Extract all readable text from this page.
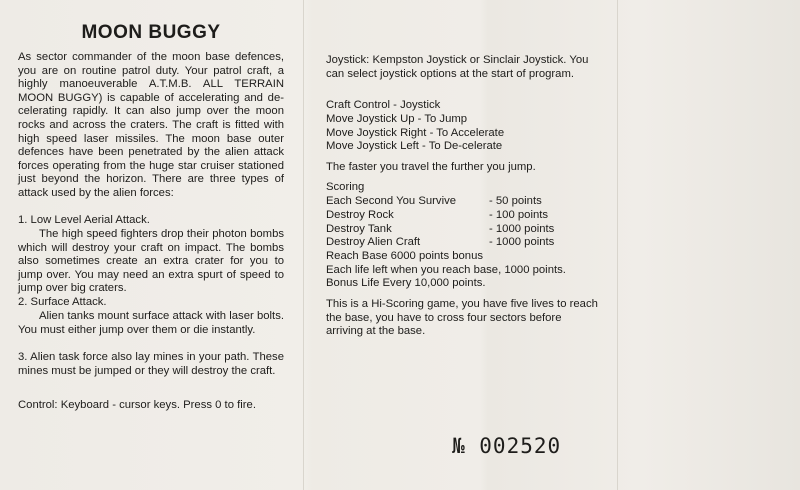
MOON BUGGY

As sector commander of the moon base defences, you are on routine patrol duty. Your patrol craft, a highly manoeuverable A.T.M.B. ALL TERRAIN MOON BUGGY) is capable of accelerating and de-celerating rapidly. It can also jump over the moon rocks and across the craters. The craft is fitted with high speed laser missiles. The moon base outer defences have been penetrated by the alien attack forces operating from the huge star cruiser stationed just beyond the horizon. There are three types of attack used by the alien forces:

1. Low Level Aerial Attack.

The high speed fighters drop their photon bombs which will destroy your craft on impact. The bombs also sometimes create an extra crater for you to jump over. You may need an extra spurt of speed to jump over big craters.

2. Surface Attack.

Alien tanks mount surface attack with laser bolts. You must either jump over them or die instantly.

3. Alien task force also lay mines in your path. These mines must be jumped or they will destroy the craft.

Control: Keyboard - cursor keys. Press 0 to fire.

Joystick: Kempston Joystick or Sinclair Joystick. You can select joystick options at the start of program.

Craft Control - Joystick
Move Joystick Up - To Jump
Move Joystick Right - To Accelerate
Move Joystick Left - To De-celerate
The faster you travel the further you jump.
Scoring
Each Second You Survive	- 50 points
Destroy Rock	- 100 points
Destroy Tank	- 1000 points
Destroy Alien Craft	- 1000 points
Reach Base 6000 points bonus
Each life left when you reach base, 1000 points.
Bonus Life Every 10,000 points.

This is a Hi-Scoring game, you have five lives to reach the base, you have to cross four sectors before arriving at the base.

№ 002520
